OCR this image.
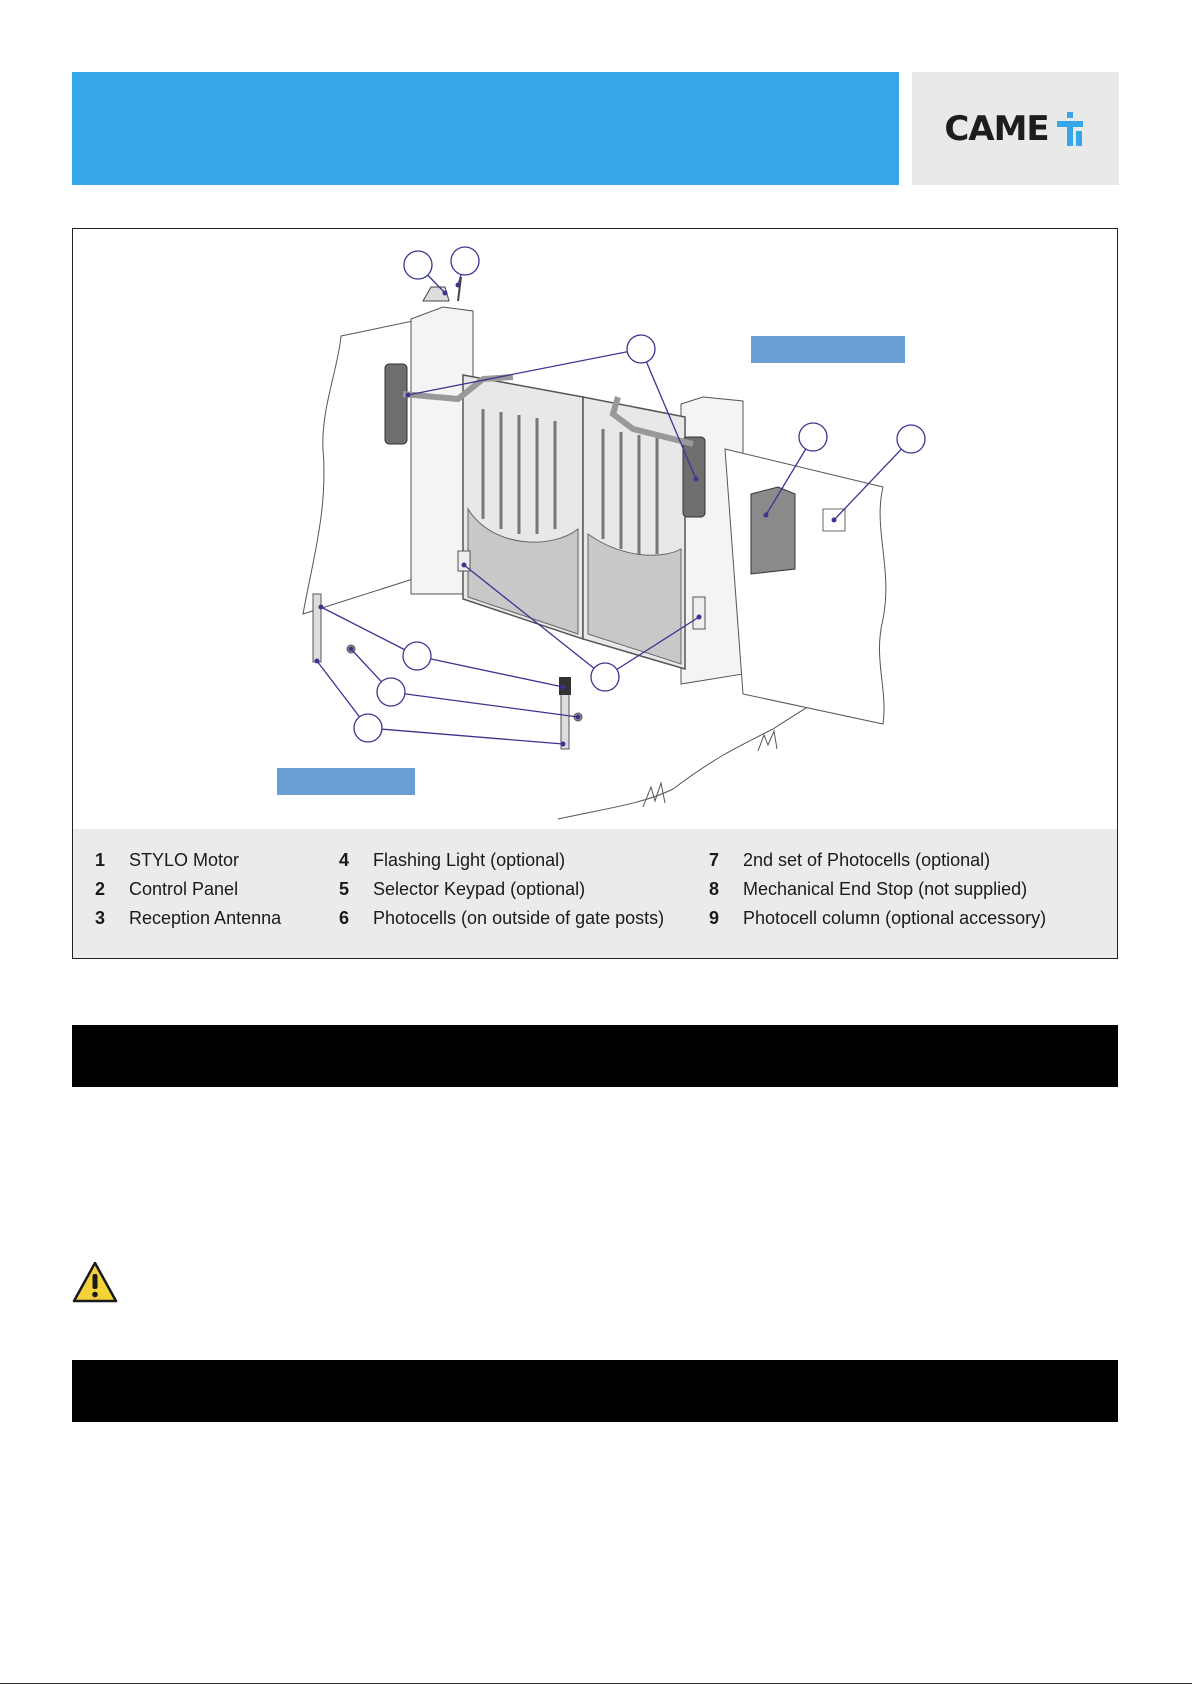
CAME
1 STYLO Motor
2 Control Panel
3 Reception Antenna
4 Flashing Light (optional)
5 Selector Keypad (optional)
6 Photocells (on outside of gate posts)
7 2nd set of Photocells (optional)
8 Mechanical End Stop (not supplied)
9 Photocell column (optional accessory)
